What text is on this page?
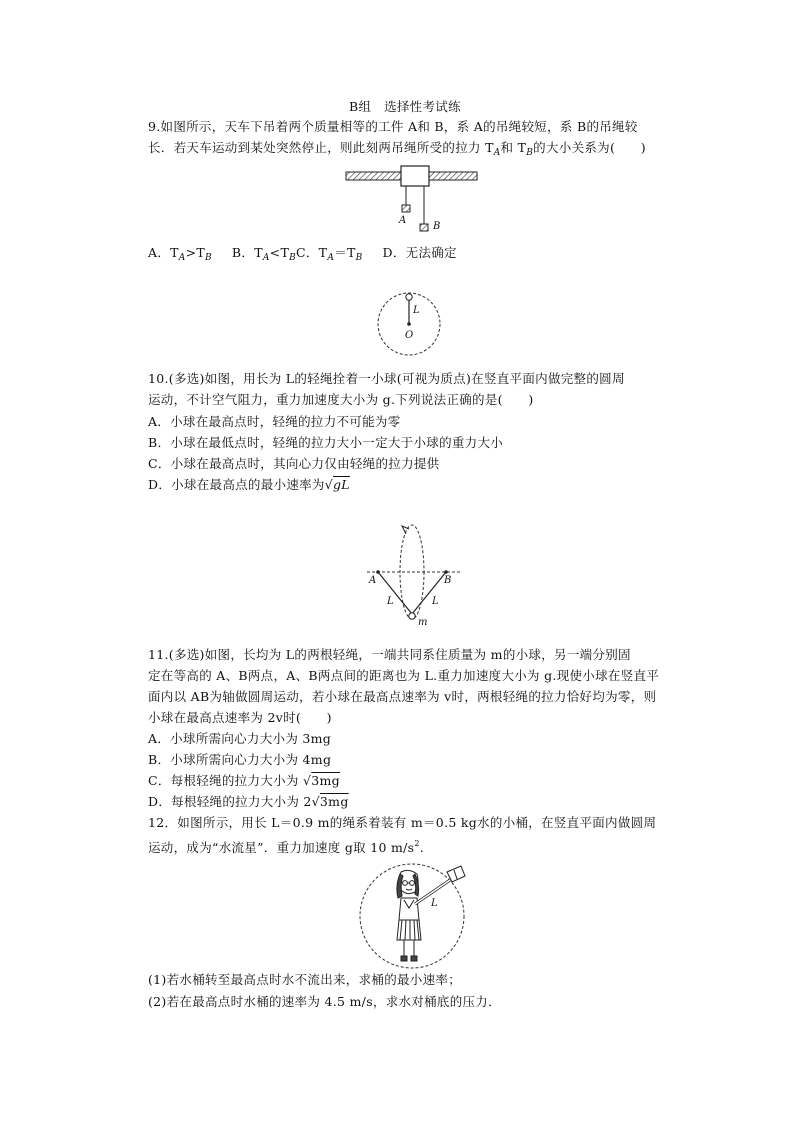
B组　选择性考试练
9.如图所示，天车下吊着两个质量相等的工件 A和 B，系 A的吊绳较短，系 B的吊绳较
长．若天车运动到某处突然停止，则此刻两吊绳所受的拉力 $T_A$和 $T_B$的大小关系为(　　)
A
B
A．$T_A>T_B$ B．$T_A<T_BC$．$T_A=T_B$ D．无法确定
L
O
10.(多选)如图，用长为 L的轻绳拴着一小球(可视为质点)在竖直平面内做完整的圆周
运动，不计空气阻力，重力加速度大小为 g.下列说法正确的是(　　)
A．小球在最高点时，轻绳的拉力不可能为零
B．小球在最低点时，轻绳的拉力大小一定大于小球的重力大小
C．小球在最高点时，其向心力仅由轻绳的拉力提供
D．小球在最高点的最小速率为√gL
A	B
L	L
m
11.(多选)如图，长均为 L的两根轻绳，一端共同系住质量为 m的小球，另一端分别固
定在等高的 A、B两点，A、B两点间的距离也为 L.重力加速度大小为 g.现使小球在竖直平
面内以 AB为轴做圆周运动，若小球在最高点速率为 v时，两根轻绳的拉力恰好均为零，则
小球在最高点速率为 2v时(　　)
A．小球所需向心力大小为 3mg
B．小球所需向心力大小为 4mg
C．每根轻绳的拉力大小为 √3mg
D．每根轻绳的拉力大小为 2√3mg
12．如图所示，用长 L＝0.9 m的绳系着装有 m＝0.5 kg水的小桶，在竖直平面内做圆周
运动，成为“水流星”．重力加速度 g取 10 $m/s^2$.
L
(1)若水桶转至最高点时水不流出来，求桶的最小速率；
(2)若在最高点时水桶的速率为 4.5 m/s，求水对桶底的压力．
